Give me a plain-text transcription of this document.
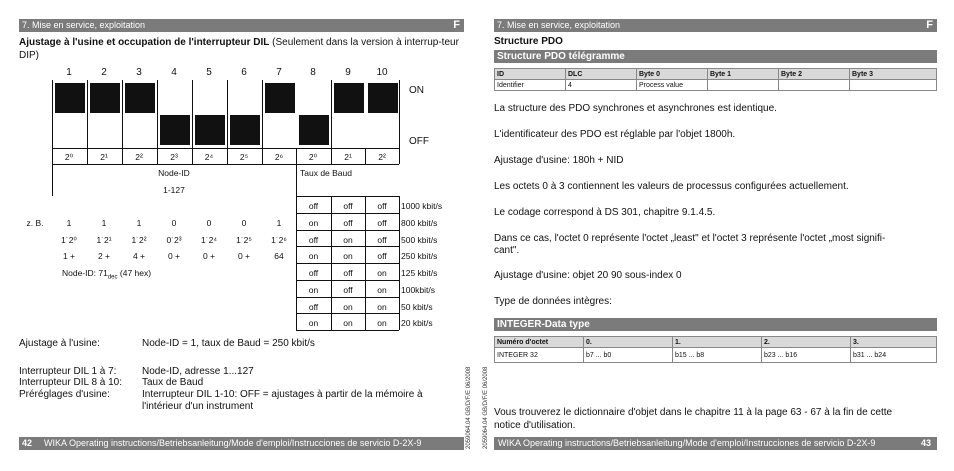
7. Mise en service, exploitation	F
Ajustage à l'usine et occupation de l'interrupteur DIL (Seulement dans la version à interrup-teur DIP)
1	2	3	4	5	6	7	8	9	10
ON
OFF
2⁰	2¹	2²	2³	2⁴	2⁵	2⁶	2⁰	2¹	2²
Node-ID
1-127
Taux de Baud
z. B.	1	1	1	0	0	0	1
1˙2⁰	1˙2¹	1˙2²	0˙2³	1˙2⁴	1˙2⁵	1˙2⁶
1 +	2 +	4 +	0 +	0 +	0 +	64
Node-ID: $71_{dec}$ (47 hex)
off	off	off	1000 kbit/s
on	off	off	800 kbit/s
off	on	off	500 kbit/s
on	on	off	250 kbit/s
off	off	on	125 kbit/s
on	off	on	100kbit/s
off	on	on	50 kbit/s
on	on	on	20 kbit/s
Ajustage à l'usine:	Node-ID = 1, taux de Baud = 250 kbit/s
Interrupteur DIL 1 à 7:	Node-ID, adresse 1...127
Interrupteur DIL 8 à 10: Taux de Baud
Préréglages d'usine:	Interrupteur DIL 1-10: OFF = ajustages à partir de la mémoire à
l'intérieur d'un instrument
42 WIKA Operating instructions/Betriebsanleitung/Mode d'emploi/Instrucciones de servicio D-2X-9	2059064.04 GB/D/F/E 06/2008 2059064.04 GB/D/F/E 06/2008
7. Mise en service, exploitation	F
Structure PDO
Structure PDO télégramme
ID	DLC	Byte 0	Byte 1	Byte 2	Byte 3
Identifier	4	Process value			
La structure des PDO synchrones et asynchrones est identique.
L'identificateur des PDO est réglable par l'objet 1800h.
Ajustage d'usine: 180h + NID
Les octets 0 à 3 contiennent les valeurs de processus configurées actuellement.
Le codage correspond à DS 301, chapitre 9.1.4.5.
Dans ce cas, l'octet 0 représente l'octet „least" et l'octet 3 représente l'octet „most signifi-
cant".
Ajustage d'usine: objet 20 90 sous-index 0
Type de données intègres:
INTEGER-Data type
Numéro d'octet	0.	1.	2.	3.
INTEGER 32	b7 ... b0	b15 ... b8	b23 ... b16	b31 ... b24
Vous trouverez le dictionnaire d'objet dans le chapitre 11 à la page 63 - 67 à la fin de cette
notice d'utilisation.
WIKA Operating instructions/Betriebsanleitung/Mode d'emploi/Instrucciones de servicio D-2X-9	43
